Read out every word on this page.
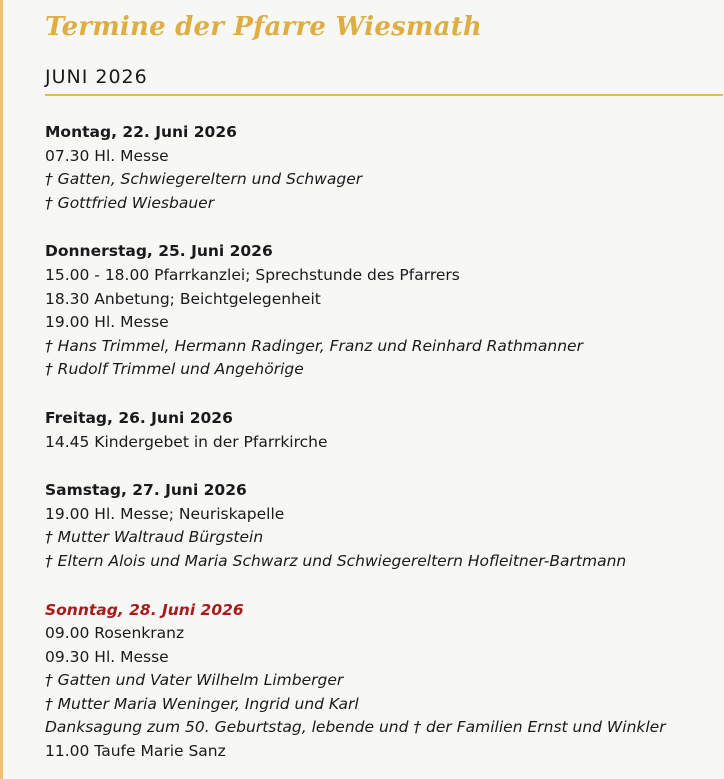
Termine der Pfarre Wiesmath
JUNI 2026
Montag, 22. Juni 2026
07.30 Hl. Messe
† Gatten, Schwiegereltern und Schwager
† Gottfried Wiesbauer
Donnerstag, 25. Juni 2026
15.00 - 18.00 Pfarrkanzlei; Sprechstunde des Pfarrers
18.30 Anbetung; Beichtgelegenheit
19.00 Hl. Messe
† Hans Trimmel, Hermann Radinger, Franz und Reinhard Rathmanner
† Rudolf Trimmel und Angehörige
Freitag, 26. Juni 2026
14.45 Kindergebet in der Pfarrkirche
Samstag, 27. Juni 2026
19.00 Hl. Messe; Neuriskapelle
† Mutter Waltraud Bürgstein
† Eltern Alois und Maria Schwarz und Schwiegereltern Hofleitner-Bartmann
Sonntag, 28. Juni 2026
09.00 Rosenkranz
09.30 Hl. Messe
† Gatten und Vater Wilhelm Limberger
† Mutter Maria Weninger, Ingrid und Karl
Danksagung zum 50. Geburtstag, lebende und † der Familien Ernst und Winkler
11.00 Taufe Marie Sanz
